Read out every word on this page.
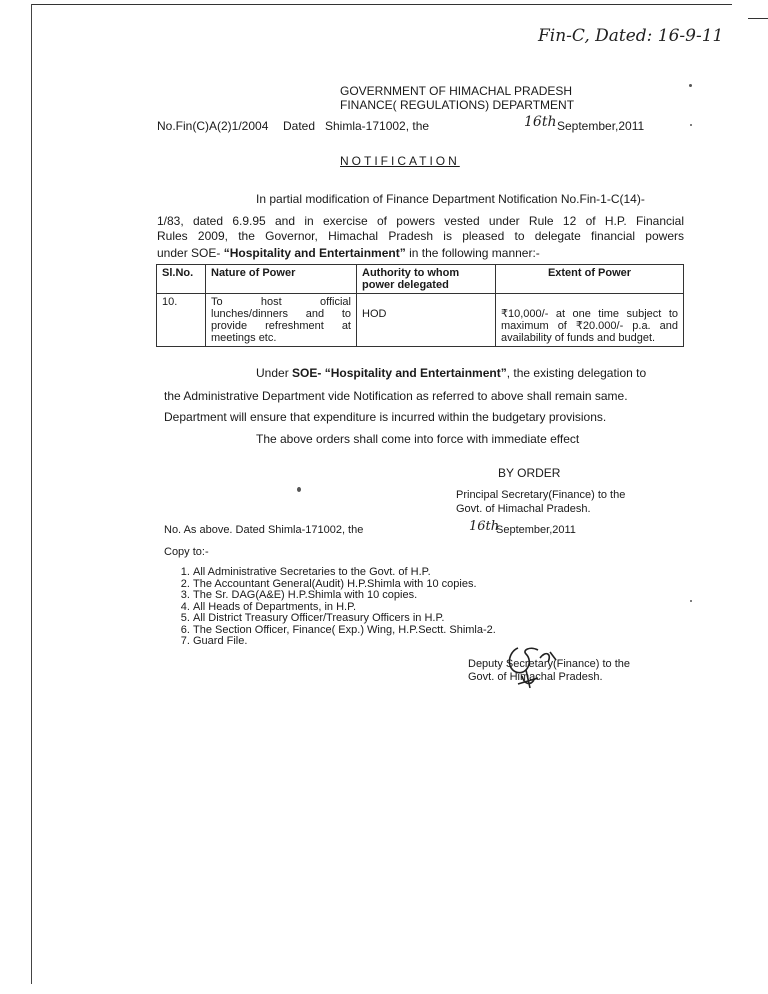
Fin-C, Dated: 16-9-11
GOVERNMENT OF HIMACHAL PRADESH
FINANCE( REGULATIONS) DEPARTMENT
No.Fin(C)A(2)1/2004 Dated Shimla-171002, the	16th September,2011
NOTIFICATION
In partial modification of Finance Department Notification No.Fin-1-C(14)-
1/83, dated 6.9.95 and in exercise of powers vested under Rule 12 of H.P. Financial
Rules 2009, the Governor, Himachal Pradesh is pleased to delegate financial powers
under SOE- “Hospitality and Entertainment” in the following manner:-
Sl.No.	Nature of Power	Authority to whom power delegated	Extent of Power
10.	To host official lunches/dinners and to provide refreshment at meetings etc.	HOD	₹10,000/- at one time subject to maximum of ₹20.000/- p.a. and availability of funds and budget.
Under SOE- “Hospitality and Entertainment”, the existing delegation to
the Administrative Department vide Notification as referred to above shall remain same.
Department will ensure that expenditure is incurred within the budgetary provisions.
The above orders shall come into force with immediate effect
BY ORDER
Principal Secretary(Finance) to the
Govt. of Himachal Pradesh.
No. As above. Dated Shimla-171002, the	16th
September,2011
Copy to:-
1. All Administrative Secretaries to the Govt. of H.P.
2. The Accountant General(Audit) H.P.Shimla with 10 copies.
3. The Sr. DAG(A&E) H.P.Shimla with 10 copies.
4. All Heads of Departments, in H.P.
5. All District Treasury Officer/Treasury Officers in H.P.
6. The Section Officer, Finance( Exp.) Wing, H.P.Sectt. Shimla-2.
7. Guard File.
Deputy Secretary(Finance) to the
Govt. of Himachal Pradesh.
